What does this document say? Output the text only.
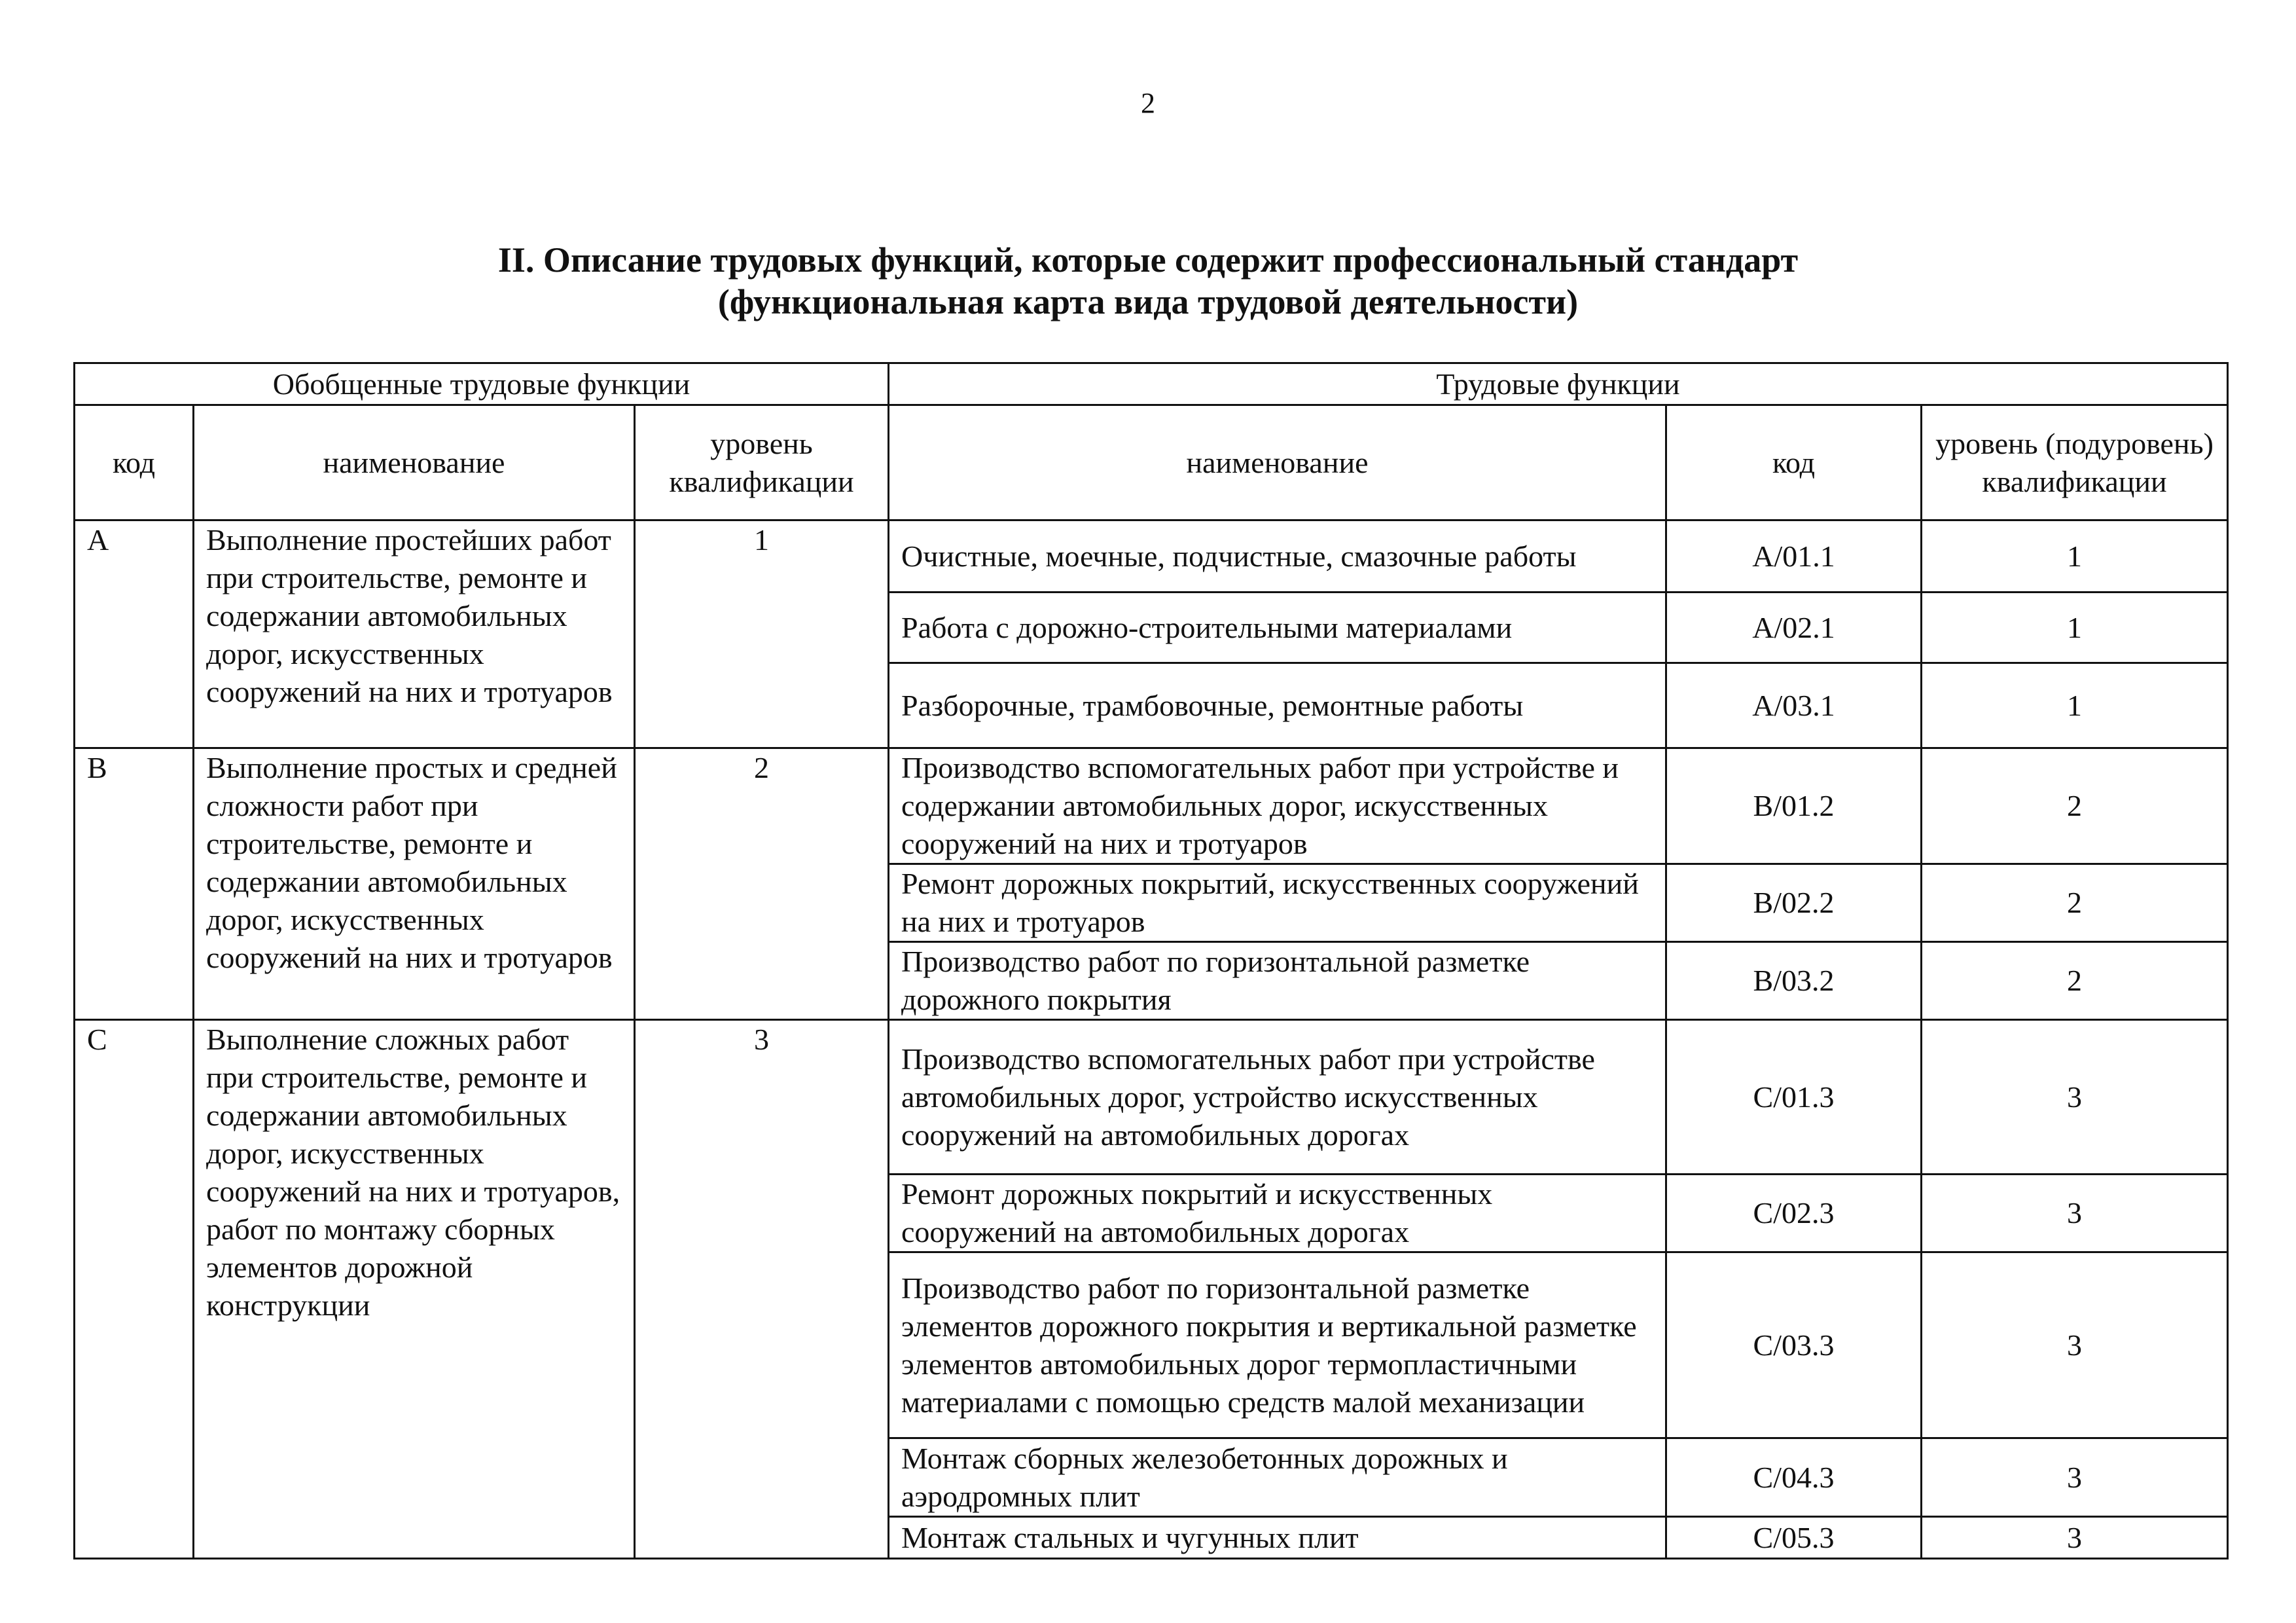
2
II. Описание трудовых функций, которые содержит профессиональный стандарт
(функциональная карта вида трудовой деятельности)
Обобщенные трудовые функции			Трудовые функции		
код	наименование	уровень квалификации	наименование	код	уровень (подуровень) квалификации
A	Выполнение простейших работ при строительстве, ремонте и содержании автомобильных дорог, искусственных сооружений на них и тротуаров	1	Очистные, моечные, подчистные, смазочные работы	A/01.1	1
			Работа с дорожно-строительными материалами	A/02.1	1
			Разборочные, трамбовочные, ремонтные работы	A/03.1	1
B	Выполнение простых и средней сложности работ при строительстве, ремонте и содержании автомобильных дорог, искусственных сооружений на них и тротуаров	2	Производство вспомогательных работ при устройстве и содержании автомобильных дорог, искусственных сооружений на них и тротуаров	B/01.2	2
			Ремонт дорожных покрытий, искусственных сооружений на них и тротуаров	B/02.2	2
			Производство работ по горизонтальной разметке дорожного покрытия	B/03.2	2
C	Выполнение сложных работ при строительстве, ремонте и содержании автомобильных дорог, искусственных сооружений на них и тротуаров, работ по монтажу сборных элементов дорожной конструкции	3	Производство вспомогательных работ при устройстве автомобильных дорог, устройство искусственных сооружений на автомобильных дорогах	C/01.3	3
			Ремонт дорожных покрытий и искусственных сооружений на автомобильных дорогах	C/02.3	3
			Производство работ по горизонтальной разметке элементов дорожного покрытия и вертикальной разметке элементов автомобильных дорог термопластичными материалами с помощью средств малой механизации	C/03.3	3
			Монтаж сборных железобетонных дорожных и аэродромных плит	C/04.3	3
			Монтаж стальных и чугунных плит	C/05.3	3
